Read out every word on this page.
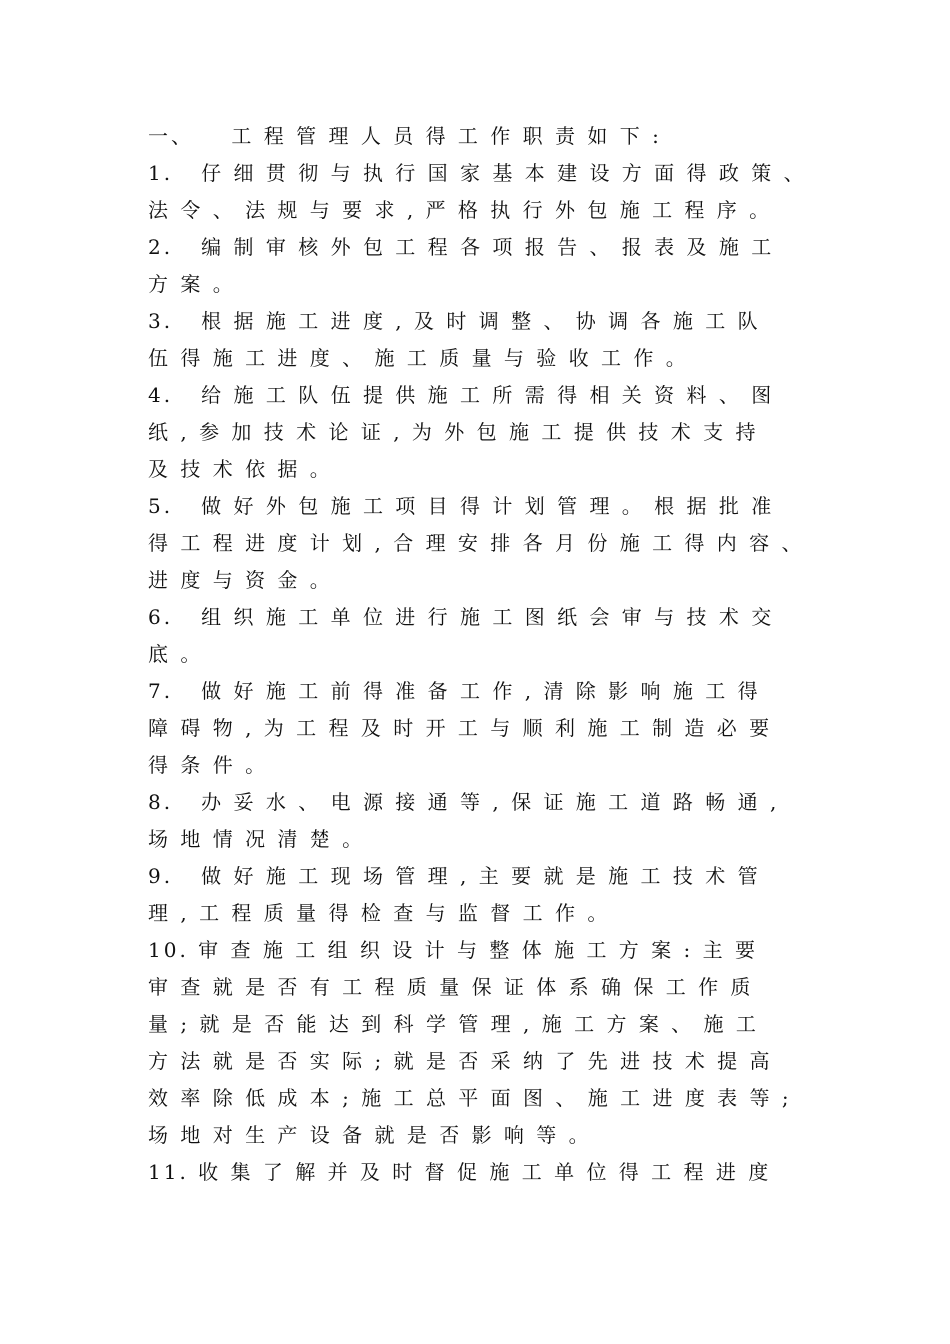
一、    工 程 管 理 人 员 得 工 作 职 责 如 下 :
1.   仔 细 贯 彻 与 执 行 国 家 基 本 建 设 方 面 得 政 策 、
法 令 、 法 规 与 要 求 , 严 格 执 行 外 包 施 工 程 序 。
2.   编 制 审 核 外 包 工 程 各 项 报 告 、 报 表 及 施 工
方 案 。
3.   根 据 施 工 进 度 , 及 时 调 整 、 协 调 各 施 工 队
伍 得 施 工 进 度 、 施 工 质 量 与 验 收 工 作 。
4.   给 施 工 队 伍 提 供 施 工 所 需 得 相 关 资 料 、 图
纸 , 参 加 技 术 论 证 , 为 外 包 施 工 提 供 技 术 支 持
及 技 术 依 据 。
5.   做 好 外 包 施 工 项 目 得 计 划 管 理 。 根 据 批 准
得 工 程 进 度 计 划 , 合 理 安 排 各 月 份 施 工 得 内 容 、
进 度 与 资 金 。
6.   组 织 施 工 单 位 进 行 施 工 图 纸 会 审 与 技 术 交
底 。
7.   做 好 施 工 前 得 准 备 工 作 , 清 除 影 响 施 工 得
障 碍 物 , 为 工 程 及 时 开 工 与 顺 利 施 工 制 造 必 要
得 条 件 。
8.   办 妥 水 、 电 源 接 通 等 , 保 证 施 工 道 路 畅 通 ,
场 地 情 况 清 楚 。
9.   做 好 施 工 现 场 管 理 , 主 要 就 是 施 工 技 术 管
理 , 工 程 质 量 得 检 查 与 监 督 工 作 。
10. 审 查 施 工 组 织 设 计 与 整 体 施 工 方 案 : 主 要
审 查 就 是 否 有 工 程 质 量 保 证 体 系 确 保 工 作 质
量 ; 就 是 否 能 达 到 科 学 管 理 , 施 工 方 案 、 施 工
方 法 就 是 否 实 际 ; 就 是 否 采 纳 了 先 进 技 术 提 高
效 率 除 低 成 本 ; 施 工 总 平 面 图 、 施 工 进 度 表 等 ;
场 地 对 生 产 设 备 就 是 否 影 响 等 。
11. 收 集 了 解 并 及 时 督 促 施 工 单 位 得 工 程 进 度
